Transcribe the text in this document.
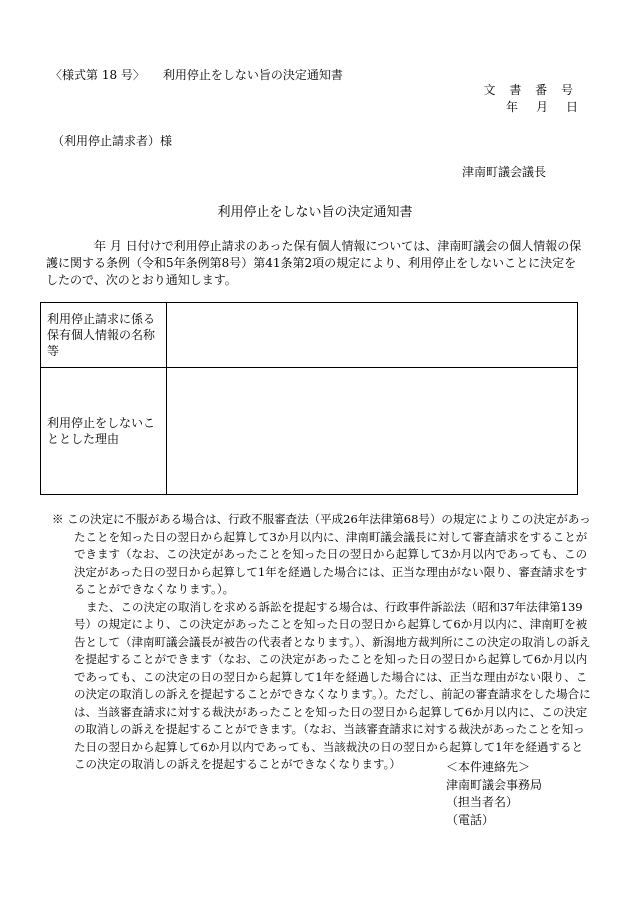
〈様式第 18 号〉 利用停止をしない旨の決定通知書
文 書 番 号
年 月 日
（利用停止請求者）様
津南町議会議長
利用停止をしない旨の決定通知書
年 月 日付けで利用停止請求のあった保有個人情報については、津南町議会の個人情報の保護に関する条例（令和5年条例第8号）第41条第2項の規定により、利用停止をしないことに決定をしたので、次のとおり通知します。
利用停止請求に係る保有個人情報の名称等	
利用停止をしないこととした理由	

※ この決定に不服がある場合は、行政不服審査法（平成26年法律第68号）の規定によりこの決定があったことを知った日の翌日から起算して3か月以内に、津南町議会議長に対して審査請求をすることができます（なお、この決定があったことを知った日の翌日から起算して3か月以内であっても、この決定があった日の翌日から起算して1年を経過した場合には、正当な理由がない限り、審査請求をすることができなくなります。）。

また、この決定の取消しを求める訴訟を提起する場合は、行政事件訴訟法（昭和37年法律第139号）の規定により、この決定があったことを知った日の翌日から起算して6か月以内に、津南町を被告として（津南町議会議長が被告の代表者となります。）、新潟地方裁判所にこの決定の取消しの訴えを提起することができます（なお、この決定があったことを知った日の翌日から起算して6か月以内であっても、この決定の日の翌日から起算して1年を経過した場合には、正当な理由がない限り、この決定の取消しの訴えを提起することができなくなります。）。ただし、前記の審査請求をした場合には、当該審査請求に対する裁決があったことを知った日の翌日から起算して6か月以内に、この決定の取消しの訴えを提起することができます。（なお、当該審査請求に対する裁決があったことを知った日の翌日から起算して6か月以内であっても、当該裁決の日の翌日から起算して1年を経過するとこの決定の取消しの訴えを提起することができなくなります。）	＜本件連絡先＞
津南町議会事務局
（担当者名）
（電話）
